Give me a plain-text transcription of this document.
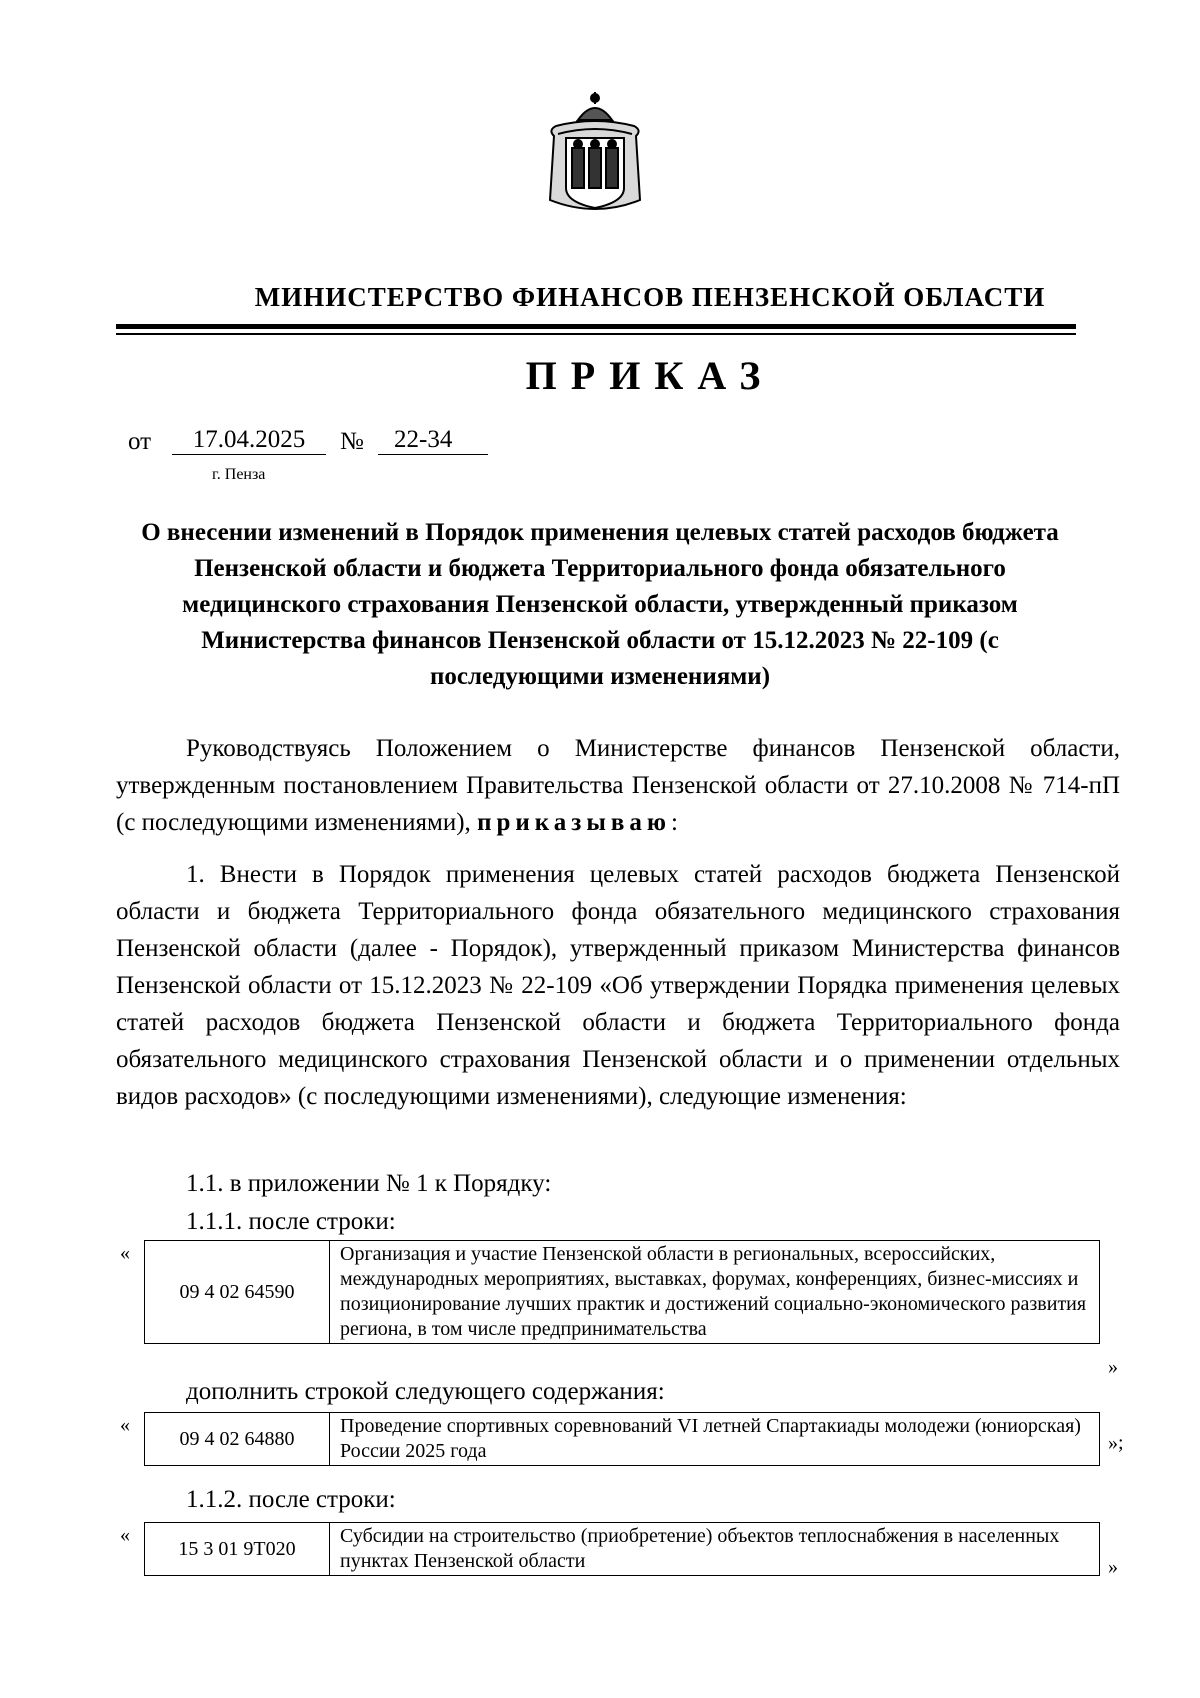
МИНИСТЕРСТВО ФИНАНСОВ ПЕНЗЕНСКОЙ ОБЛАСТИ
ПРИКАЗ
от	17.04.2025	№	22-34
г. Пенза
О внесении изменений в Порядок применения целевых статей расходов бюджета Пензенской области и бюджета Территориального фонда обязательного медицинского страхования Пензенской области, утвержденный приказом Министерства финансов Пензенской области от 15.12.2023 № 22-109 (с последующими изменениями)
Руководствуясь Положением о Министерстве финансов Пензенской области, утвержденным постановлением Правительства Пензенской области от 27.10.2008 № 714-пП (с последующими изменениями), приказываю:
1. Внести в Порядок применения целевых статей расходов бюджета Пензенской области и бюджета Территориального фонда обязательного медицинского страхования Пензенской области (далее - Порядок), утвержденный приказом Министерства финансов Пензенской области от 15.12.2023 № 22-109 «Об утверждении Порядка применения целевых статей расходов бюджета Пензенской области и бюджета Территориального фонда обязательного медицинского страхования Пензенской области и о применении отдельных видов расходов» (с последующими изменениями), следующие изменения:
1.1. в приложении № 1 к Порядку:
1.1.1. после строки:
«
09 4 02 64590	Организация и участие Пензенской области в региональных, всероссийских, международных мероприятиях, выставках, форумах, конференциях, бизнес-миссиях и позиционирование лучших практик и достижений социально-экономического развития региона, в том числе предпринимательства
»
дополнить строкой следующего содержания:
«
09 4 02 64880	Проведение спортивных соревнований VI летней Спартакиады молодежи (юниорская) России 2025 года	»;
1.1.2. после строки:
«
15 3 01 9Т020	Субсидии на строительство (приобретение) объектов теплоснабжения в населенных пунктах Пензенской области	»
